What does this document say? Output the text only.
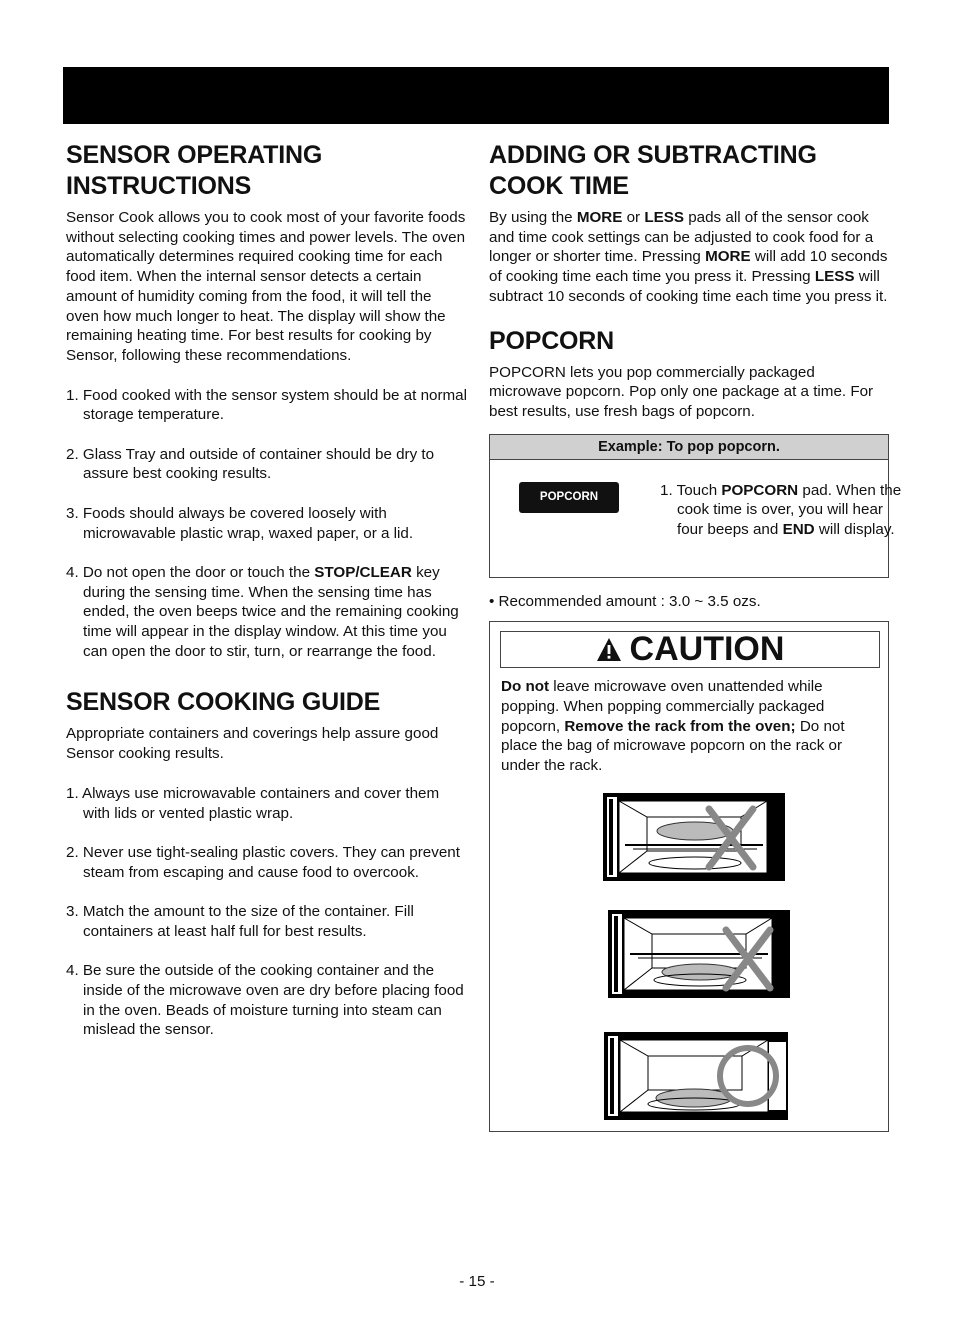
SENSOR OPERATING INSTRUCTIONS

Sensor Cook allows you to cook most of your favorite foods without selecting cooking times and power levels. The oven automatically determines required cooking time for each food item. When the internal sensor detects a certain amount of humidity coming from the food, it will tell the oven how much longer to heat. The display will show the remaining heating time. For best results for cooking by Sensor, following these recommendations.

1. Food cooked with the sensor system should be at normal storage temperature.
2. Glass Tray and outside of container should be dry to assure best cooking results.
3. Foods should always be covered loosely with microwavable plastic wrap, waxed paper, or a lid.
4. Do not open the door or touch the STOP/CLEAR key during the sensing time. When the sensing time has ended, the oven beeps twice and the remaining cooking time will appear in the display window. At this time you can open the door to stir, turn, or rearrange the food.
SENSOR COOKING GUIDE

Appropriate containers and coverings help assure good Sensor cooking results.

1. Always use microwavable containers and cover them with lids or vented plastic wrap.
2. Never use tight-sealing plastic covers. They can prevent steam from escaping and cause food to overcook.
3. Match the amount to the size of the container. Fill containers at least half full for best results.
4. Be sure the outside of the cooking container and the inside of the microwave oven are dry before placing food in the oven. Beads of moisture turning into steam can mislead the sensor.
ADDING OR SUBTRACTING COOK TIME

By using the MORE or LESS pads all of the sensor cook and time cook settings can be adjusted to cook food for a longer or shorter time. Pressing MORE will add 10 seconds of cooking time each time you press it. Pressing LESS will subtract 10 seconds of cooking time each time you press it.

POPCORN

POPCORN lets you pop commercially packaged microwave popcorn. Pop only one package at a time. For best results, use fresh bags of popcorn.

Example: To pop popcorn.
POPCORN	1. Touch POPCORN pad. When the cook time is over, you will hear four beeps and END will display.
• Recommended amount : 3.0 ~ 3.5 ozs.
CAUTION
Do not leave microwave oven unattended while popping. When popping commercially packaged popcorn, Remove the rack from the oven; Do not place the bag of microwave popcorn on the rack or under the rack.
- 15 -
